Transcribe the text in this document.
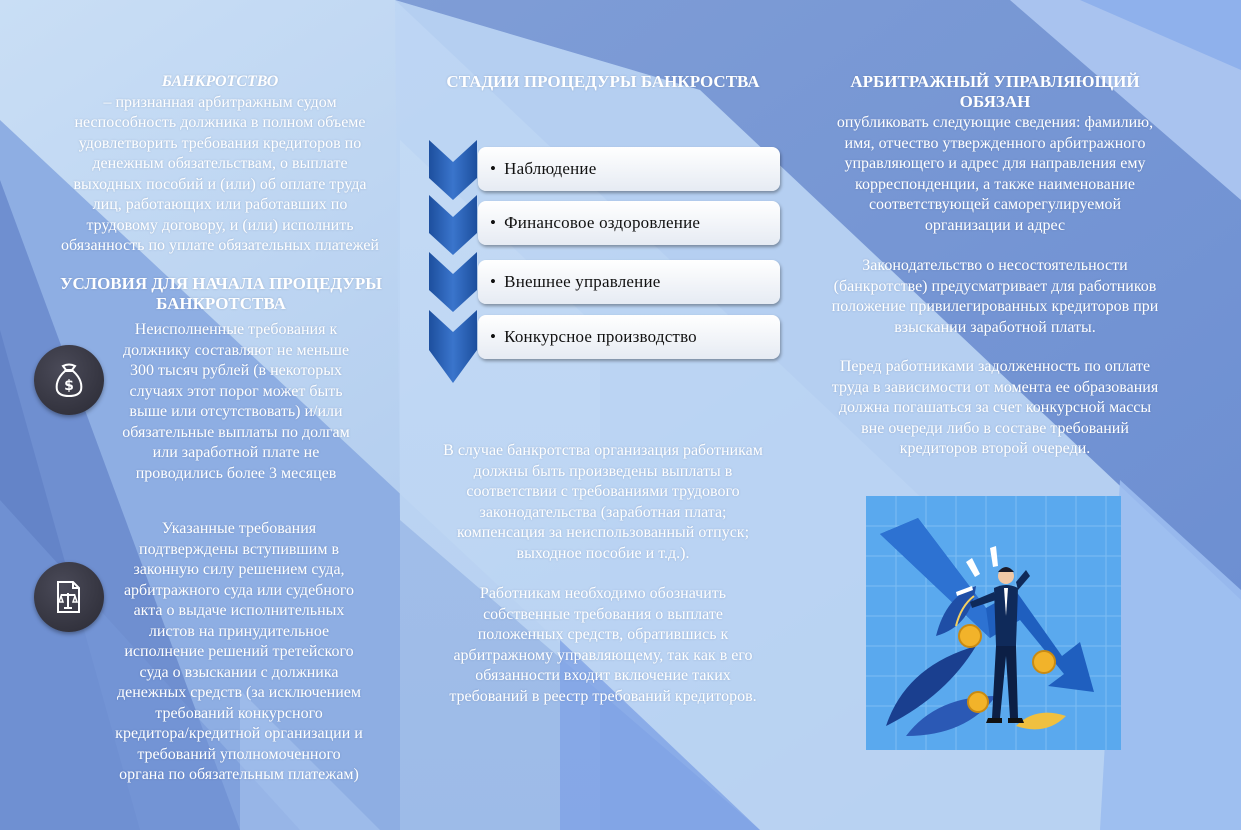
БАНКРОТСТВО
– признанная арбитражным судом
неспособность должника в полном объеме
удовлетворить требования кредиторов по
денежным обязательствам, о выплате
выходных пособий и (или) об оплате труда
лиц, работающих или работавших по
трудовому договору, и (или) исполнить
обязанность по уплате обязательных платежей
УСЛОВИЯ ДЛЯ НАЧАЛА ПРОЦЕДУРЫ БАНКРОТСТВА
$
Неисполненные требования к
должнику составляют не меньше
300 тысяч рублей (в некоторых
случаях этот порог может быть
выше или отсутствовать) и/или
обязательные выплаты по долгам
или заработной плате не
проводились более 3 месяцев
Указанные требования
подтверждены вступившим в
законную силу решением суда,
арбитражного суда или судебного
акта о выдаче исполнительных
листов на принудительное
исполнение решений третейского
суда о взыскании с должника
денежных средств (за исключением
требований конкурсного
кредитора/кредитной организации и
требований уполномоченного
органа по обязательным платежам)
СТАДИИ ПРОЦЕДУРЫ БАНКРОСТВА
• Наблюдение
• Финансовое оздоровление
• Внешнее управление
• Конкурсное производство
В случае банкротства организация работникам
должны быть произведены выплаты в
соответствии с требованиями трудового
законодательства (заработная плата;
компенсация за неиспользованный отпуск;
выходное пособие и т.д.).
Работникам необходимо обозначить
собственные требования о выплате
положенных средств, обратившись к
арбитражному управляющему, так как в его
обязанности входит включение таких
требований в реестр требований кредиторов.
АРБИТРАЖНЫЙ УПРАВЛЯЮЩИЙ
ОБЯЗАН
опубликовать следующие сведения: фамилию,
имя, отчество утвержденного арбитражного
управляющего и адрес для направления ему
корреспонденции, а также наименование
соответствующей саморегулируемой
организации и адрес
Законодательство о несостоятельности
(банкротстве) предусматривает для работников
положение привилегированных кредиторов при
взыскании заработной платы.
Перед работниками задолженность по оплате
труда в зависимости от момента ее образования
должна погашаться за счет конкурсной массы
вне очереди либо в составе требований
кредиторов второй очереди.
